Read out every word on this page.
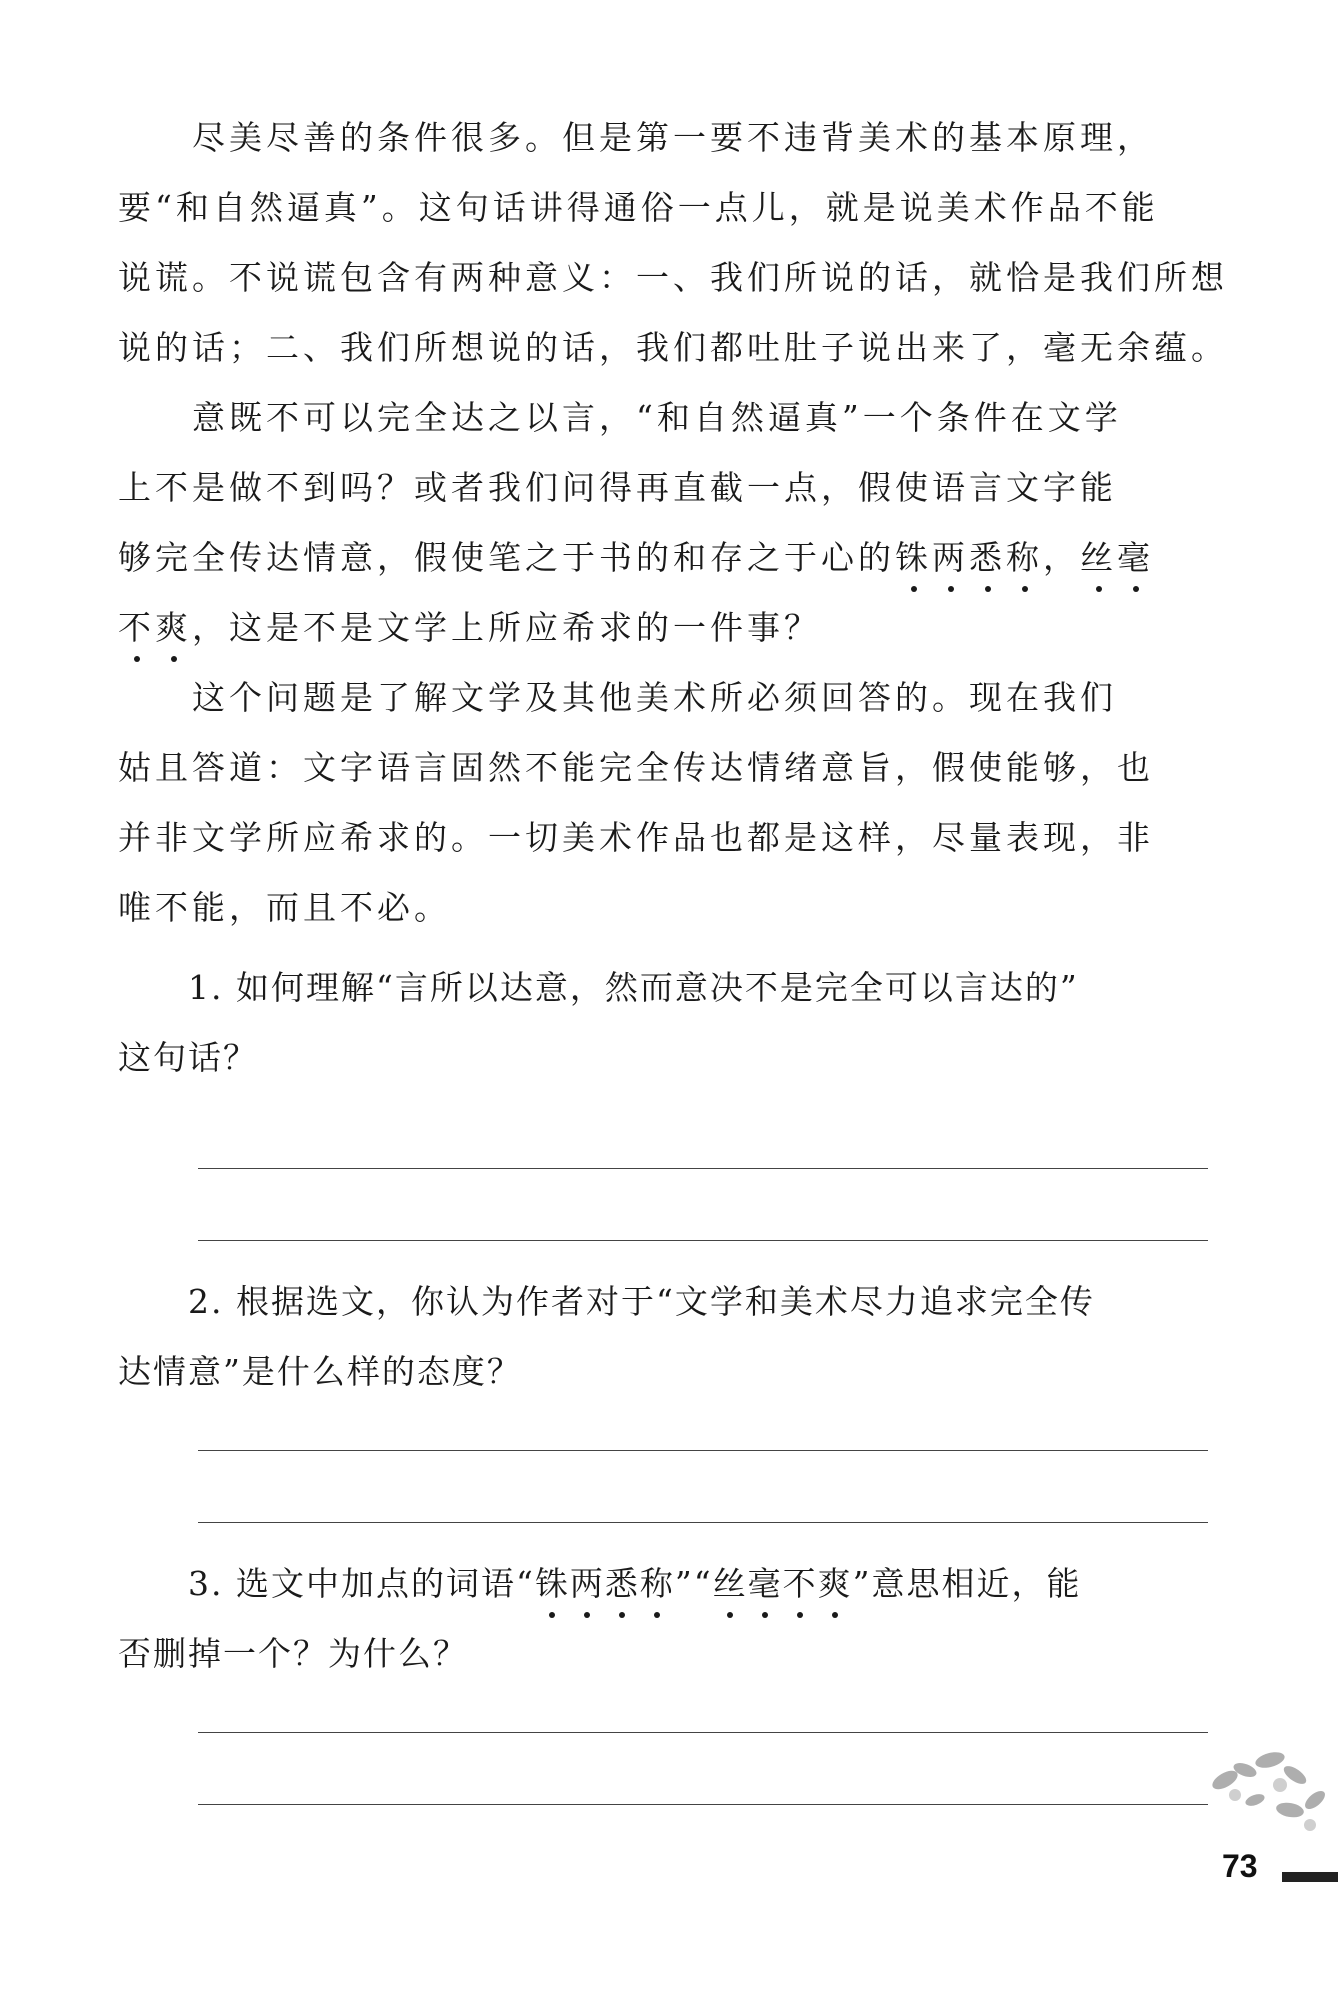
　　尽美尽善的条件很多。但是第一要不违背美术的基本原理，
要“和自然逼真”。这句话讲得通俗一点儿，就是说美术作品不能
说谎。不说谎包含有两种意义：一、我们所说的话，就恰是我们所想
说的话；二、我们所想说的话，我们都吐肚子说出来了，毫无余蕴。
　　意既不可以完全达之以言，“和自然逼真”一个条件在文学
上不是做不到吗？或者我们问得再直截一点，假使语言文字能
够完全传达情意，假使笔之于书的和存之于心的铢两悉称，丝毫
不爽，这是不是文学上所应希求的一件事？
　　这个问题是了解文学及其他美术所必须回答的。现在我们
姑且答道：文字语言固然不能完全传达情绪意旨，假使能够，也
并非文学所应希求的。一切美术作品也都是这样，尽量表现，非
唯不能，而且不必。
　　1. 如何理解“言所以达意，然而意决不是完全可以言达的”
这句话？
　　2. 根据选文，你认为作者对于“文学和美术尽力追求完全传
达情意”是什么样的态度？
　　3. 选文中加点的词语“铢两悉称”“丝毫不爽”意思相近，能
否删掉一个？为什么？
73
